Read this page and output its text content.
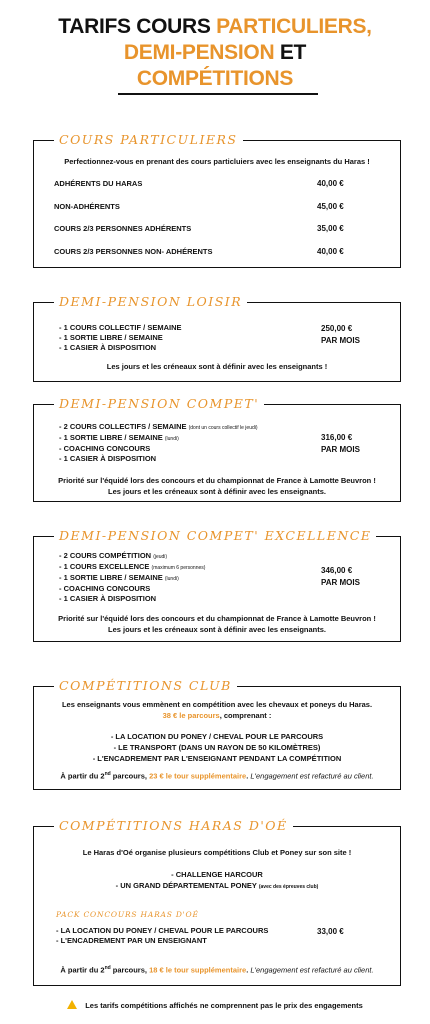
TARIFS COURS PARTICULIERS,
DEMI-PENSION ET
COMPÉTITIONS
COURS PARTICULIERS
Perfectionnez-vous en prenant des cours particluiers avec les enseignants du Haras !
ADHÉRENTS DU HARAS	40,00 €
NON-ADHÉRENTS	45,00 €
COURS 2/3 PERSONNES ADHÉRENTS	35,00 €
COURS 2/3 PERSONNES NON- ADHÉRENTS	40,00 €
DEMI-PENSION LOISIR
- 1 COURS COLLECTIF / SEMAINE
- 1 SORTIE LIBRE / SEMAINE
- 1 CASIER À DISPOSITION
250,00 €
PAR MOIS
Les jours et les créneaux sont à définir avec les enseignants !
DEMI-PENSION COMPET'
- 2 COURS COLLECTIFS / SEMAINE (dont un cours collectif le jeudi)
- 1 SORTIE LIBRE / SEMAINE (lundi)
- COACHING CONCOURS
- 1 CASIER À DISPOSITION
316,00 €
PAR MOIS
Priorité sur l'équidé lors des concours et du championnat de France à Lamotte Beuvron !
Les jours et les créneaux sont à définir avec les enseignants.
DEMI-PENSION COMPET' EXCELLENCE
- 2 COURS COMPÉTITION (jeudi)
- 1 COURS EXCELLENCE (maximum 6 personnes)
- 1 SORTIE LIBRE / SEMAINE (lundi)
- COACHING CONCOURS
- 1 CASIER À DISPOSITION
346,00 €
PAR MOIS
Priorité sur l'équidé lors des concours et du championnat de France à Lamotte Beuvron !
Les jours et les créneaux sont à définir avec les enseignants.
COMPÉTITIONS CLUB
Les enseignants vous emmènent en compétition avec les chevaux et poneys du Haras.
38 € le parcours, comprenant :
- LA LOCATION DU PONEY / CHEVAL POUR LE PARCOURS
- LE TRANSPORT (DANS UN RAYON DE 50 KILOMÈTRES)
- L'ENCADREMENT PAR L'ENSEIGNANT PENDANT LA COMPÉTITION
À partir du 2nd parcours, 23 € le tour supplémentaire. L'engagement est refacturé au client.
COMPÉTITIONS HARAS D'OÉ
Le Haras d'Oé organise plusieurs compétitions Club et Poney sur son site !
- CHALLENGE HARCOUR
- UN GRAND DÉPARTEMENTAL PONEY (avec des épreuves club)
PACK CONCOURS HARAS D'OÉ
- LA LOCATION DU PONEY / CHEVAL POUR LE PARCOURS
- L'ENCADREMENT PAR UN ENSEIGNANT
33,00 €
À partir du 2nd parcours, 18 € le tour supplémentaire. L'engagement est refacturé au client.
Les tarifs compétitions affichés ne comprennent pas le prix des engagements
